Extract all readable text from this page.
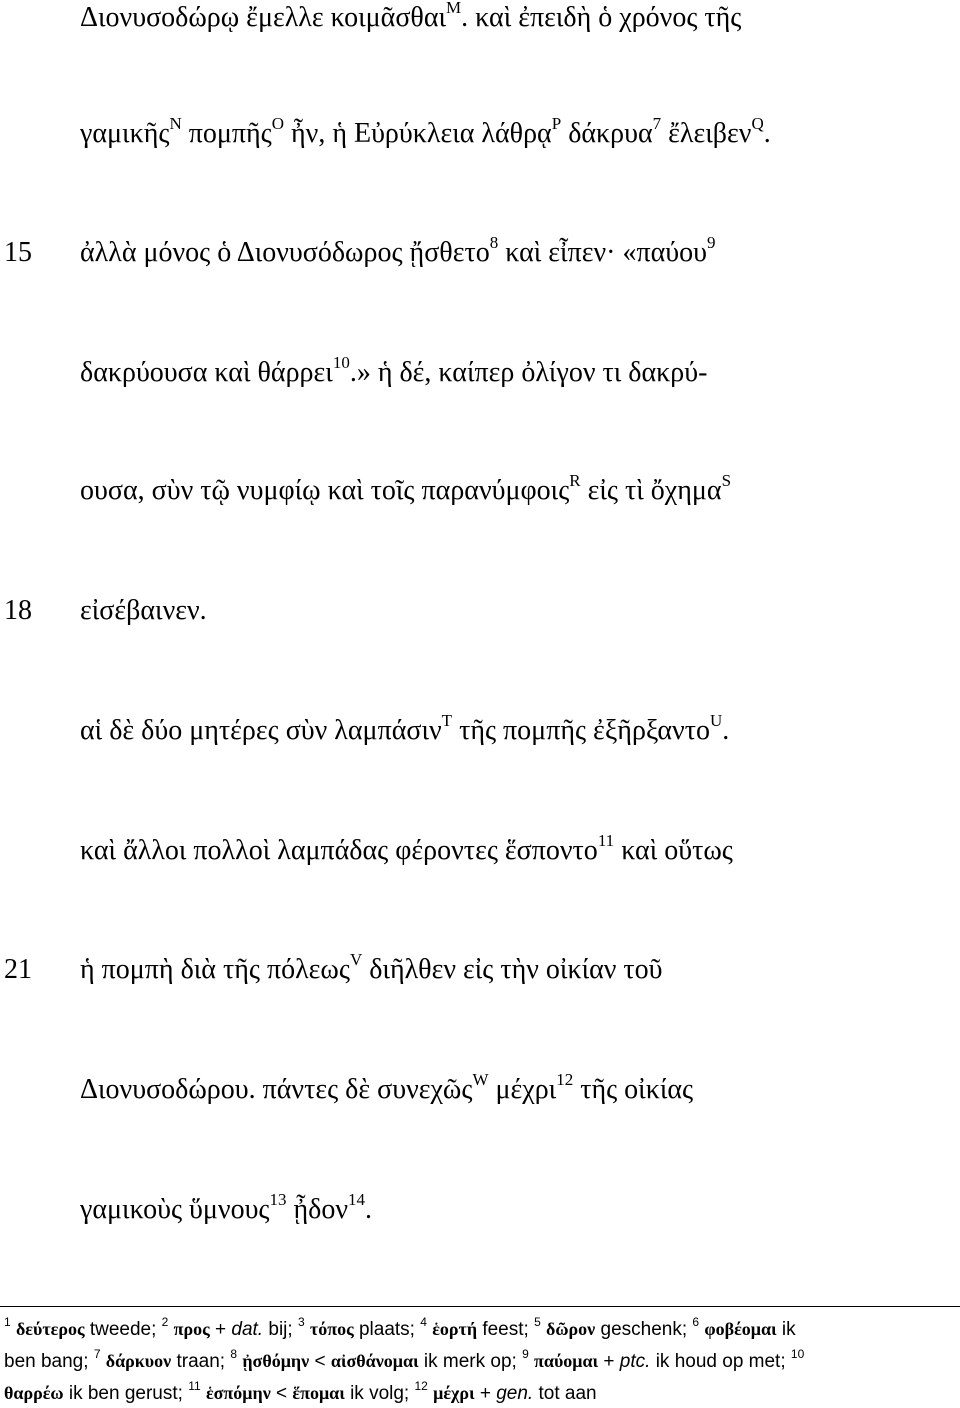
Διονυσοδώρῳ ἔμελλε κοιμᾶσθαι$^M$. καὶ ἐπειδὴ ὁ χρόνος τῆς
γαμικῆς$^N$ πομπῆς$^O$ ἦν, ἡ Εὐρύκλεια λάθρᾳ$^P$ δάκρυα$^7$ ἔλειβεν$^Q$.
15 ἀλλὰ μόνος ὁ Διονυσόδωρος ᾔσθετο$^8$ καὶ εἶπεν· «παύου$^9$
δακρύουσα καὶ θάρρει$^{10}$.» ἡ δέ, καίπερ ὀλίγον τι δακρύ-
ουσα, σὺν τῷ νυμφίῳ καὶ τοῖς παρανύμφοις$^R$ εἰς τὶ ὄχημα$^S$
18 εἰσέβαινεν.
αἱ δὲ δύο μητέρες σὺν λαμπάσιν$^T$ τῆς πομπῆς ἐξῆρξαντο$^U$.
καὶ ἄλλοι πολλοὶ λαμπάδας φέροντες ἕσποντο$^{11}$ καὶ οὕτως
21 ἡ πομπὴ διὰ τῆς πόλεως$^V$ διῆλθεν εἰς τὴν οἰκίαν τοῦ
Διονυσοδώρου. πάντες δὲ συνεχῶς$^W$ μέχρι$^{12}$ τῆς οἰκίας
γαμικοὺς ὕμνους$^{13}$ ᾖδον$^{14}$.
$^1$ δεύτερος tweede; $^2$ προς + dat. bij; $^3$ τόπος plaats; $^4$ ἑορτή feest; $^5$ δῶρον geschenk; $^6$ φοβέομαι ik
ben bang; $^7$ δάρκυον traan; $^8$ ᾐσθόμην < αἰσθάνομαι ik merk op; $^9$ παύομαι + ptc. ik houd op met; $^{10}$
θαρρέω ik ben gerust; $^{11}$ ἑσπόμην < ἕπομαι ik volg; $^{12}$ μέχρι + gen. tot aan
